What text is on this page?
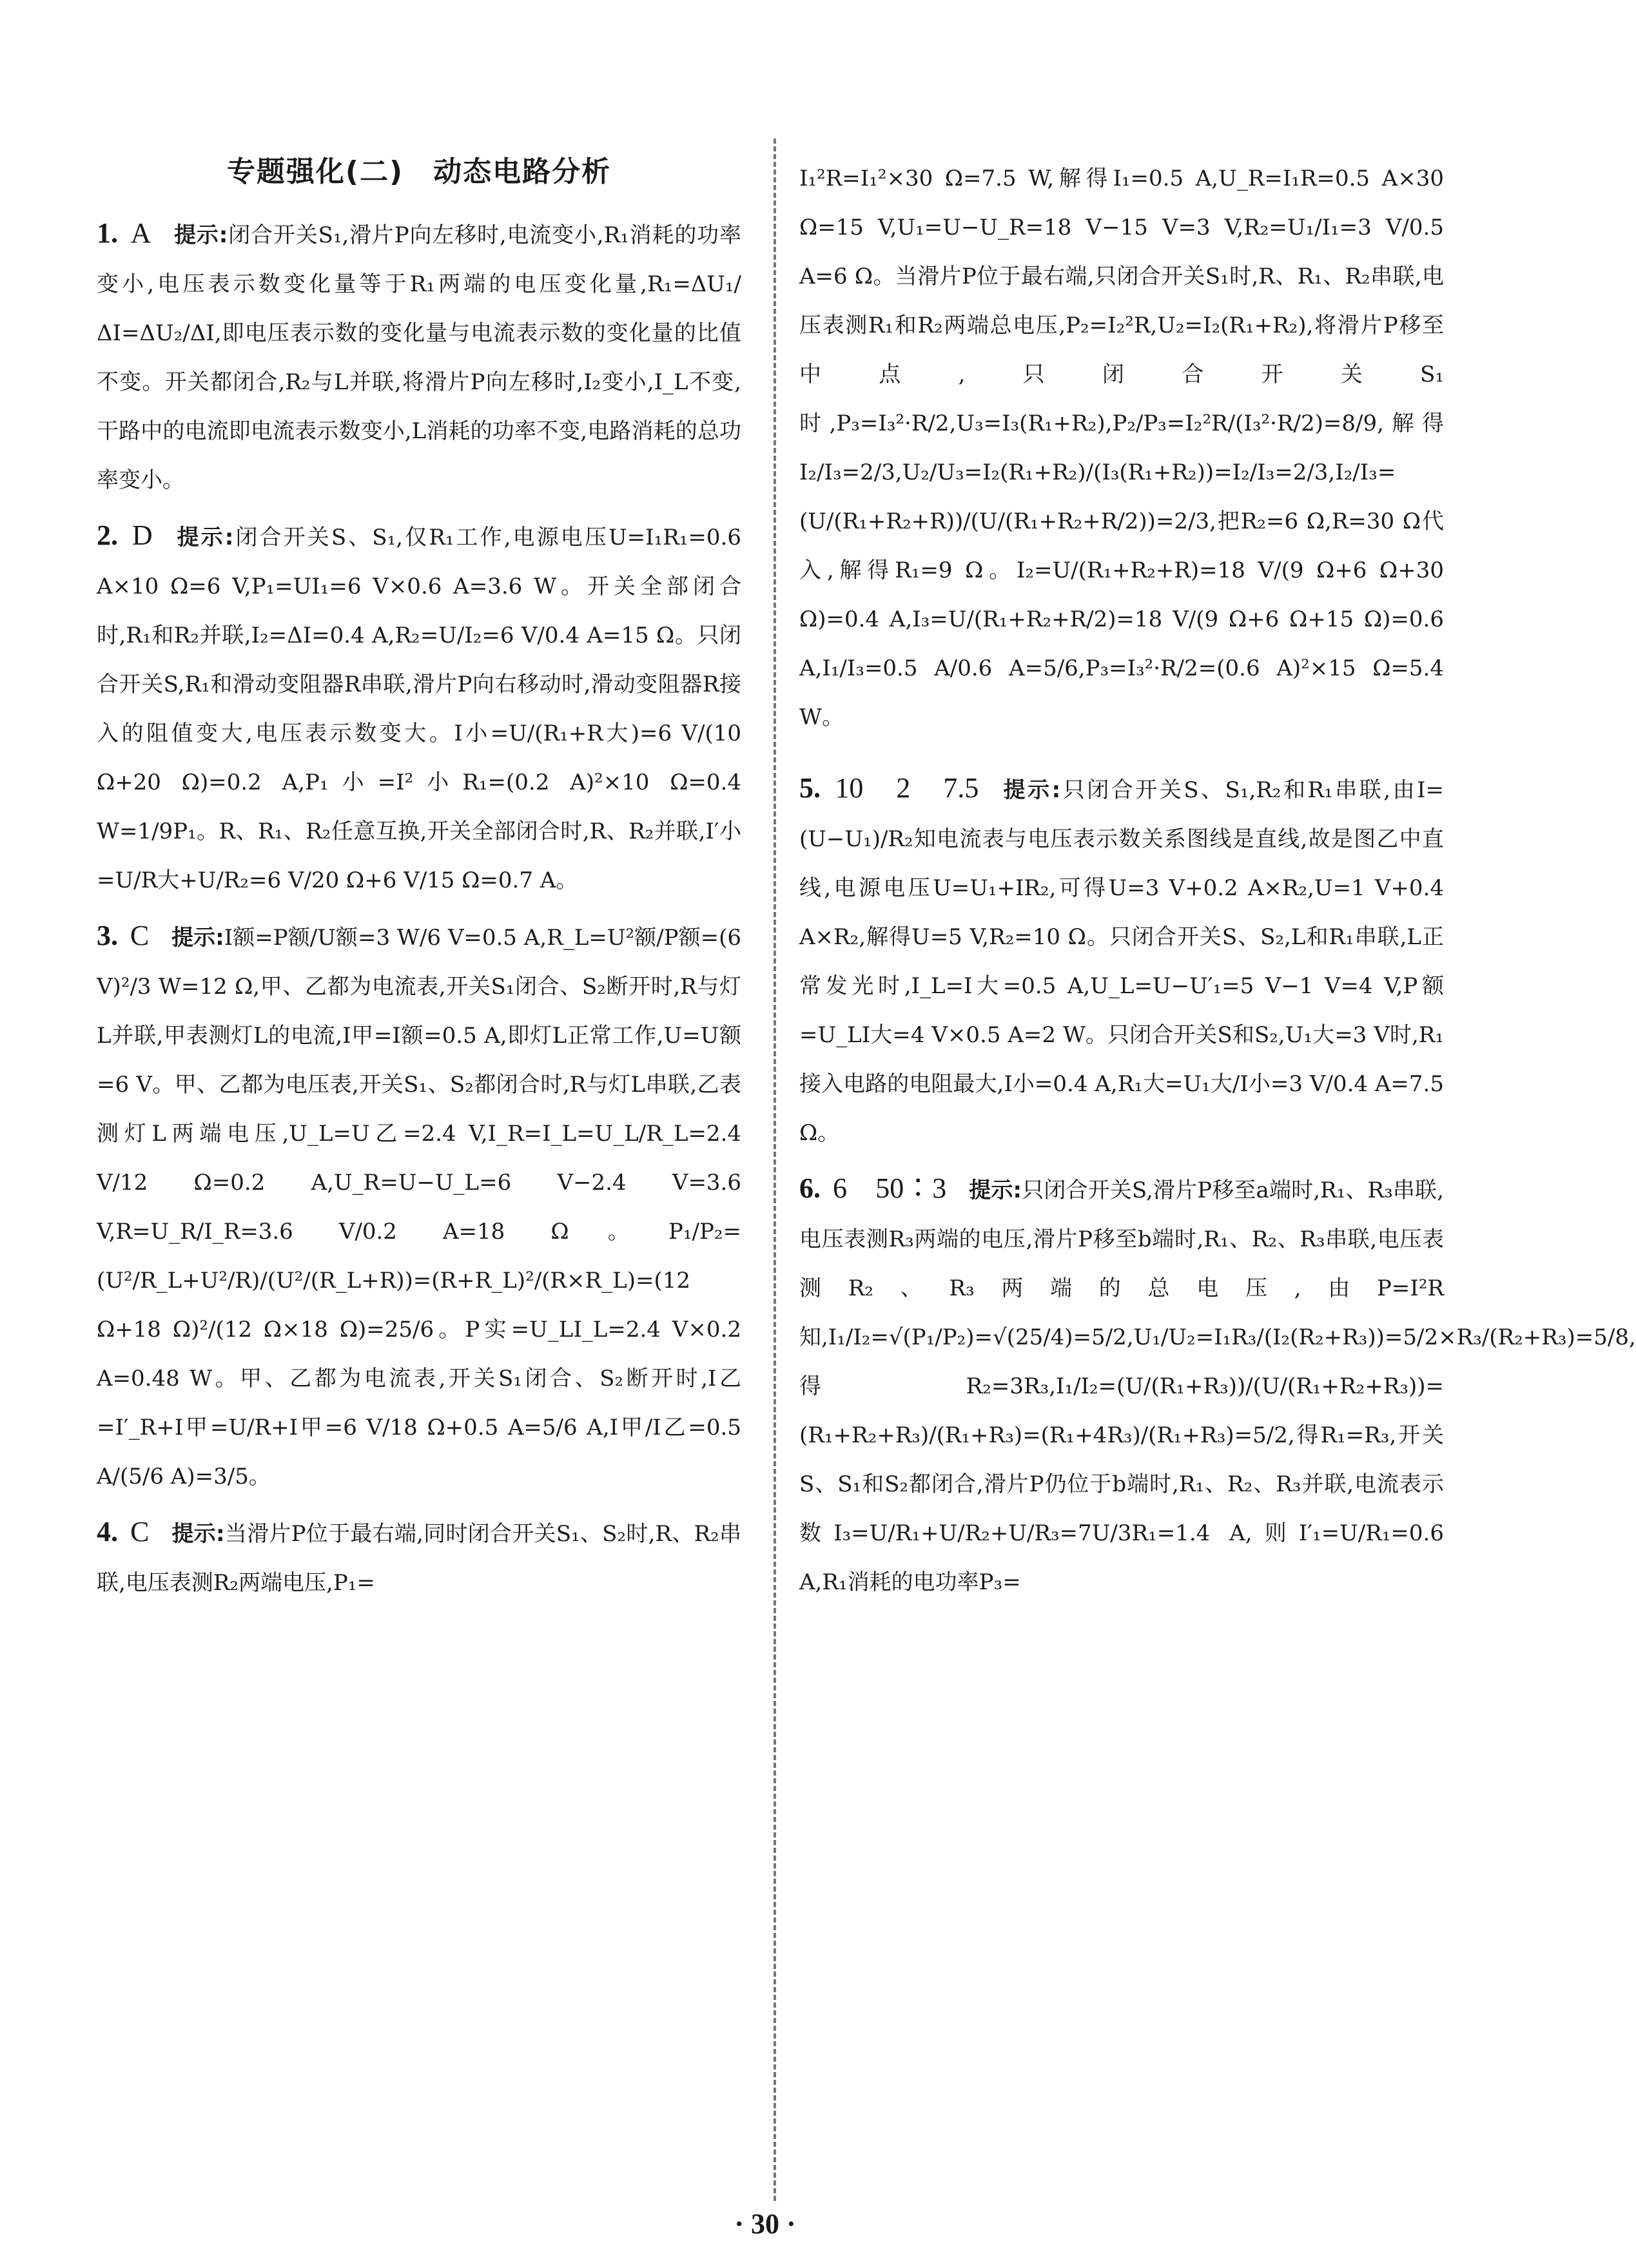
专题强化(二)　动态电路分析

1. A 提示:闭合开关S₁,滑片P向左移时,电流变小,R₁消耗的功率变小,电压表示数变化量等于R₁两端的电压变化量,R₁=ΔU₁/ΔI=ΔU₂/ΔI,即电压表示数的变化量与电流表示数的变化量的比值不变。开关都闭合,R₂与L并联,将滑片P向左移时,I₂变小,I_L不变,干路中的电流即电流表示数变小,L消耗的功率不变,电路消耗的总功率变小。

2. D 提示:闭合开关S、S₁,仅R₁工作,电源电压U=I₁R₁=0.6 A×10 Ω=6 V,P₁=UI₁=6 V×0.6 A=3.6 W。开关全部闭合时,R₁和R₂并联,I₂=ΔI=0.4 A,R₂=U/I₂=6 V/0.4 A=15 Ω。只闭合开关S,R₁和滑动变阻器R串联,滑片P向右移动时,滑动变阻器R接入的阻值变大,电压表示数变大。I小=U/(R₁+R大)=6 V/(10 Ω+20 Ω)=0.2 A,P₁小=I²小R₁=(0.2 A)²×10 Ω=0.4 W=1/9P₁。R、R₁、R₂任意互换,开关全部闭合时,R、R₂并联,I′小=U/R大+U/R₂=6 V/20 Ω+6 V/15 Ω=0.7 A。

3. C 提示:I额=P额/U额=3 W/6 V=0.5 A,R_L=U²额/P额=(6 V)²/3 W=12 Ω,甲、乙都为电流表,开关S₁闭合、S₂断开时,R与灯L并联,甲表测灯L的电流,I甲=I额=0.5 A,即灯L正常工作,U=U额=6 V。甲、乙都为电压表,开关S₁、S₂都闭合时,R与灯L串联,乙表测灯L两端电压,U_L=U乙=2.4 V,I_R=I_L=U_L/R_L=2.4 V/12 Ω=0.2 A,U_R=U−U_L=6 V−2.4 V=3.6 V,R=U_R/I_R=3.6 V/0.2 A=18 Ω。P₁/P₂=(U²/R_L+U²/R)/(U²/(R_L+R))=(R+R_L)²/(R×R_L)=(12 Ω+18 Ω)²/(12 Ω×18 Ω)=25/6。P实=U_LI_L=2.4 V×0.2 A=0.48 W。甲、乙都为电流表,开关S₁闭合、S₂断开时,I乙=I′_R+I甲=U/R+I甲=6 V/18 Ω+0.5 A=5/6 A,I甲/I乙=0.5 A/(5/6 A)=3/5。

4. C 提示:当滑片P位于最右端,同时闭合开关S₁、S₂时,R、R₂串联,电压表测R₂两端电压,P₁=

I₁²R=I₁²×30 Ω=7.5 W,解得I₁=0.5 A,U_R=I₁R=0.5 A×30 Ω=15 V,U₁=U−U_R=18 V−15 V=3 V,R₂=U₁/I₁=3 V/0.5 A=6 Ω。当滑片P位于最右端,只闭合开关S₁时,R、R₁、R₂串联,电压表测R₁和R₂两端总电压,P₂=I₂²R,U₂=I₂(R₁+R₂),将滑片P移至中点,只闭合开关S₁时,P₃=I₃²·R/2,U₃=I₃(R₁+R₂),P₂/P₃=I₂²R/(I₃²·R/2)=8/9,解得I₂/I₃=2/3,U₂/U₃=I₂(R₁+R₂)/(I₃(R₁+R₂))=I₂/I₃=2/3,I₂/I₃=(U/(R₁+R₂+R))/(U/(R₁+R₂+R/2))=2/3,把R₂=6 Ω,R=30 Ω代入,解得R₁=9 Ω。I₂=U/(R₁+R₂+R)=18 V/(9 Ω+6 Ω+30 Ω)=0.4 A,I₃=U/(R₁+R₂+R/2)=18 V/(9 Ω+6 Ω+15 Ω)=0.6 A,I₁/I₃=0.5 A/0.6 A=5/6,P₃=I₃²·R/2=(0.6 A)²×15 Ω=5.4 W。

5. 10　2　7.5 提示:只闭合开关S、S₁,R₂和R₁串联,由I=(U−U₁)/R₂知电流表与电压表示数关系图线是直线,故是图乙中直线,电源电压U=U₁+IR₂,可得U=3 V+0.2 A×R₂,U=1 V+0.4 A×R₂,解得U=5 V,R₂=10 Ω。只闭合开关S、S₂,L和R₁串联,L正常发光时,I_L=I大=0.5 A,U_L=U−U′₁=5 V−1 V=4 V,P额=U_LI大=4 V×0.5 A=2 W。只闭合开关S和S₂,U₁大=3 V时,R₁接入电路的电阻最大,I小=0.4 A,R₁大=U₁大/I小=3 V/0.4 A=7.5 Ω。

6. 6　50∶3 提示:只闭合开关S,滑片P移至a端时,R₁、R₃串联,电压表测R₃两端的电压,滑片P移至b端时,R₁、R₂、R₃串联,电压表测R₂、R₃两端的总电压,由P=I²R知,I₁/I₂=√(P₁/P₂)=√(25/4)=5/2,U₁/U₂=I₁R₃/(I₂(R₂+R₃))=5/2×R₃/(R₂+R₃)=5/8,得R₂=3R₃,I₁/I₂=(U/(R₁+R₃))/(U/(R₁+R₂+R₃))=(R₁+R₂+R₃)/(R₁+R₃)=(R₁+4R₃)/(R₁+R₃)=5/2,得R₁=R₃,开关S、S₁和S₂都闭合,滑片P仍位于b端时,R₁、R₂、R₃并联,电流表示数I₃=U/R₁+U/R₂+U/R₃=7U/3R₁=1.4 A,则I′₁=U/R₁=0.6 A,R₁消耗的电功率P₃=

· 30 ·
